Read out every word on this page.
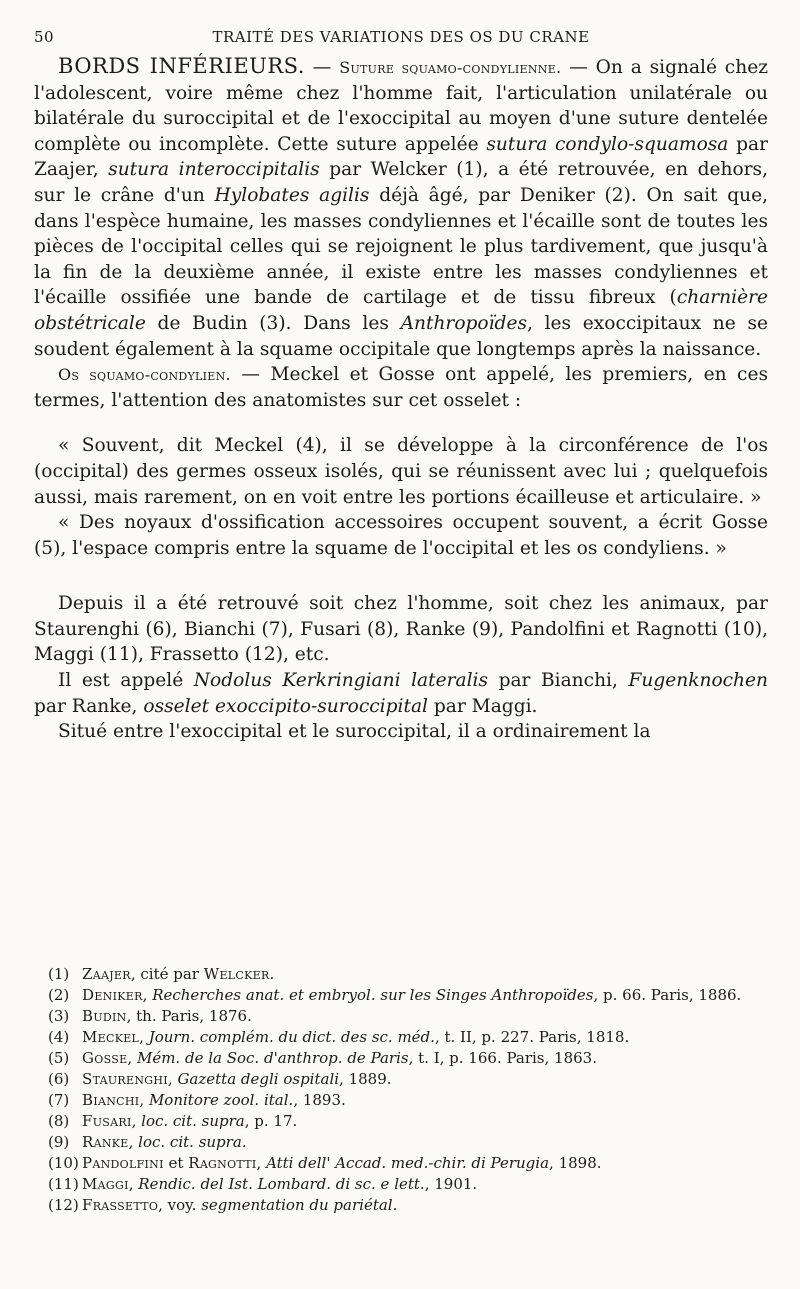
50	TRAITÉ DES VARIATIONS DES OS DU CRANE

BORDS INFÉRIEURS. — Suture squamo-condylienne. — On a signalé chez l'adolescent, voire même chez l'homme fait, l'articulation unilatérale ou bilatérale du suroccipital et de l'exoccipital au moyen d'une suture dentelée complète ou incomplète. Cette suture appelée sutura condylo-squamosa par Zaajer, sutura interoccipitalis par Welcker (1), a été retrouvée, en dehors, sur le crâne d'un Hylobates agilis déjà âgé, par Deniker (2). On sait que, dans l'espèce humaine, les masses condyliennes et l'écaille sont de toutes les pièces de l'occipital celles qui se rejoignent le plus tardivement, que jusqu'à la fin de la deuxième année, il existe entre les masses condyliennes et l'écaille ossifiée une bande de cartilage et de tissu fibreux (charnière obstétricale de Budin (3). Dans les Anthropoïdes, les exoccipitaux ne se soudent également à la squame occipitale que longtemps après la naissance.

Os squamo-condylien. — Meckel et Gosse ont appelé, les premiers, en ces termes, l'attention des anatomistes sur cet osselet :

« Souvent, dit Meckel (4), il se développe à la circonférence de l'os (occipital) des germes osseux isolés, qui se réunissent avec lui ; quelquefois aussi, mais rarement, on en voit entre les portions écailleuse et articulaire. »

« Des noyaux d'ossification accessoires occupent souvent, a écrit Gosse (5), l'espace compris entre la squame de l'occipital et les os condyliens. »

Depuis il a été retrouvé soit chez l'homme, soit chez les animaux, par Staurenghi (6), Bianchi (7), Fusari (8), Ranke (9), Pandolfini et Ragnotti (10), Maggi (11), Frassetto (12), etc.

Il est appelé Nodolus Kerkringiani lateralis par Bianchi, Fugenknochen par Ranke, osselet exoccipito-suroccipital par Maggi.

Situé entre l'exoccipital et le suroccipital, il a ordinairement la

(1) Zaajer, cité par Welcker.
(2) Deniker, Recherches anat. et embryol. sur les Singes Anthropoïdes, p. 66. Paris, 1886.
(3) Budin, th. Paris, 1876.
(4) Meckel, Journ. complém. du dict. des sc. méd., t. II, p. 227. Paris, 1818.
(5) Gosse, Mém. de la Soc. d'anthrop. de Paris, t. I, p. 166. Paris, 1863.
(6) Staurenghi, Gazetta degli ospitali, 1889.
(7) Bianchi, Monitore zool. ital., 1893.
(8) Fusari, loc. cit. supra, p. 17.
(9) Ranke, loc. cit. supra.
(10) Pandolfini et Ragnotti, Atti dell' Accad. med.-chir. di Perugia, 1898.
(11) Maggi, Rendic. del Ist. Lombard. di sc. e lett., 1901.
(12) Frassetto, voy. segmentation du pariétal.
